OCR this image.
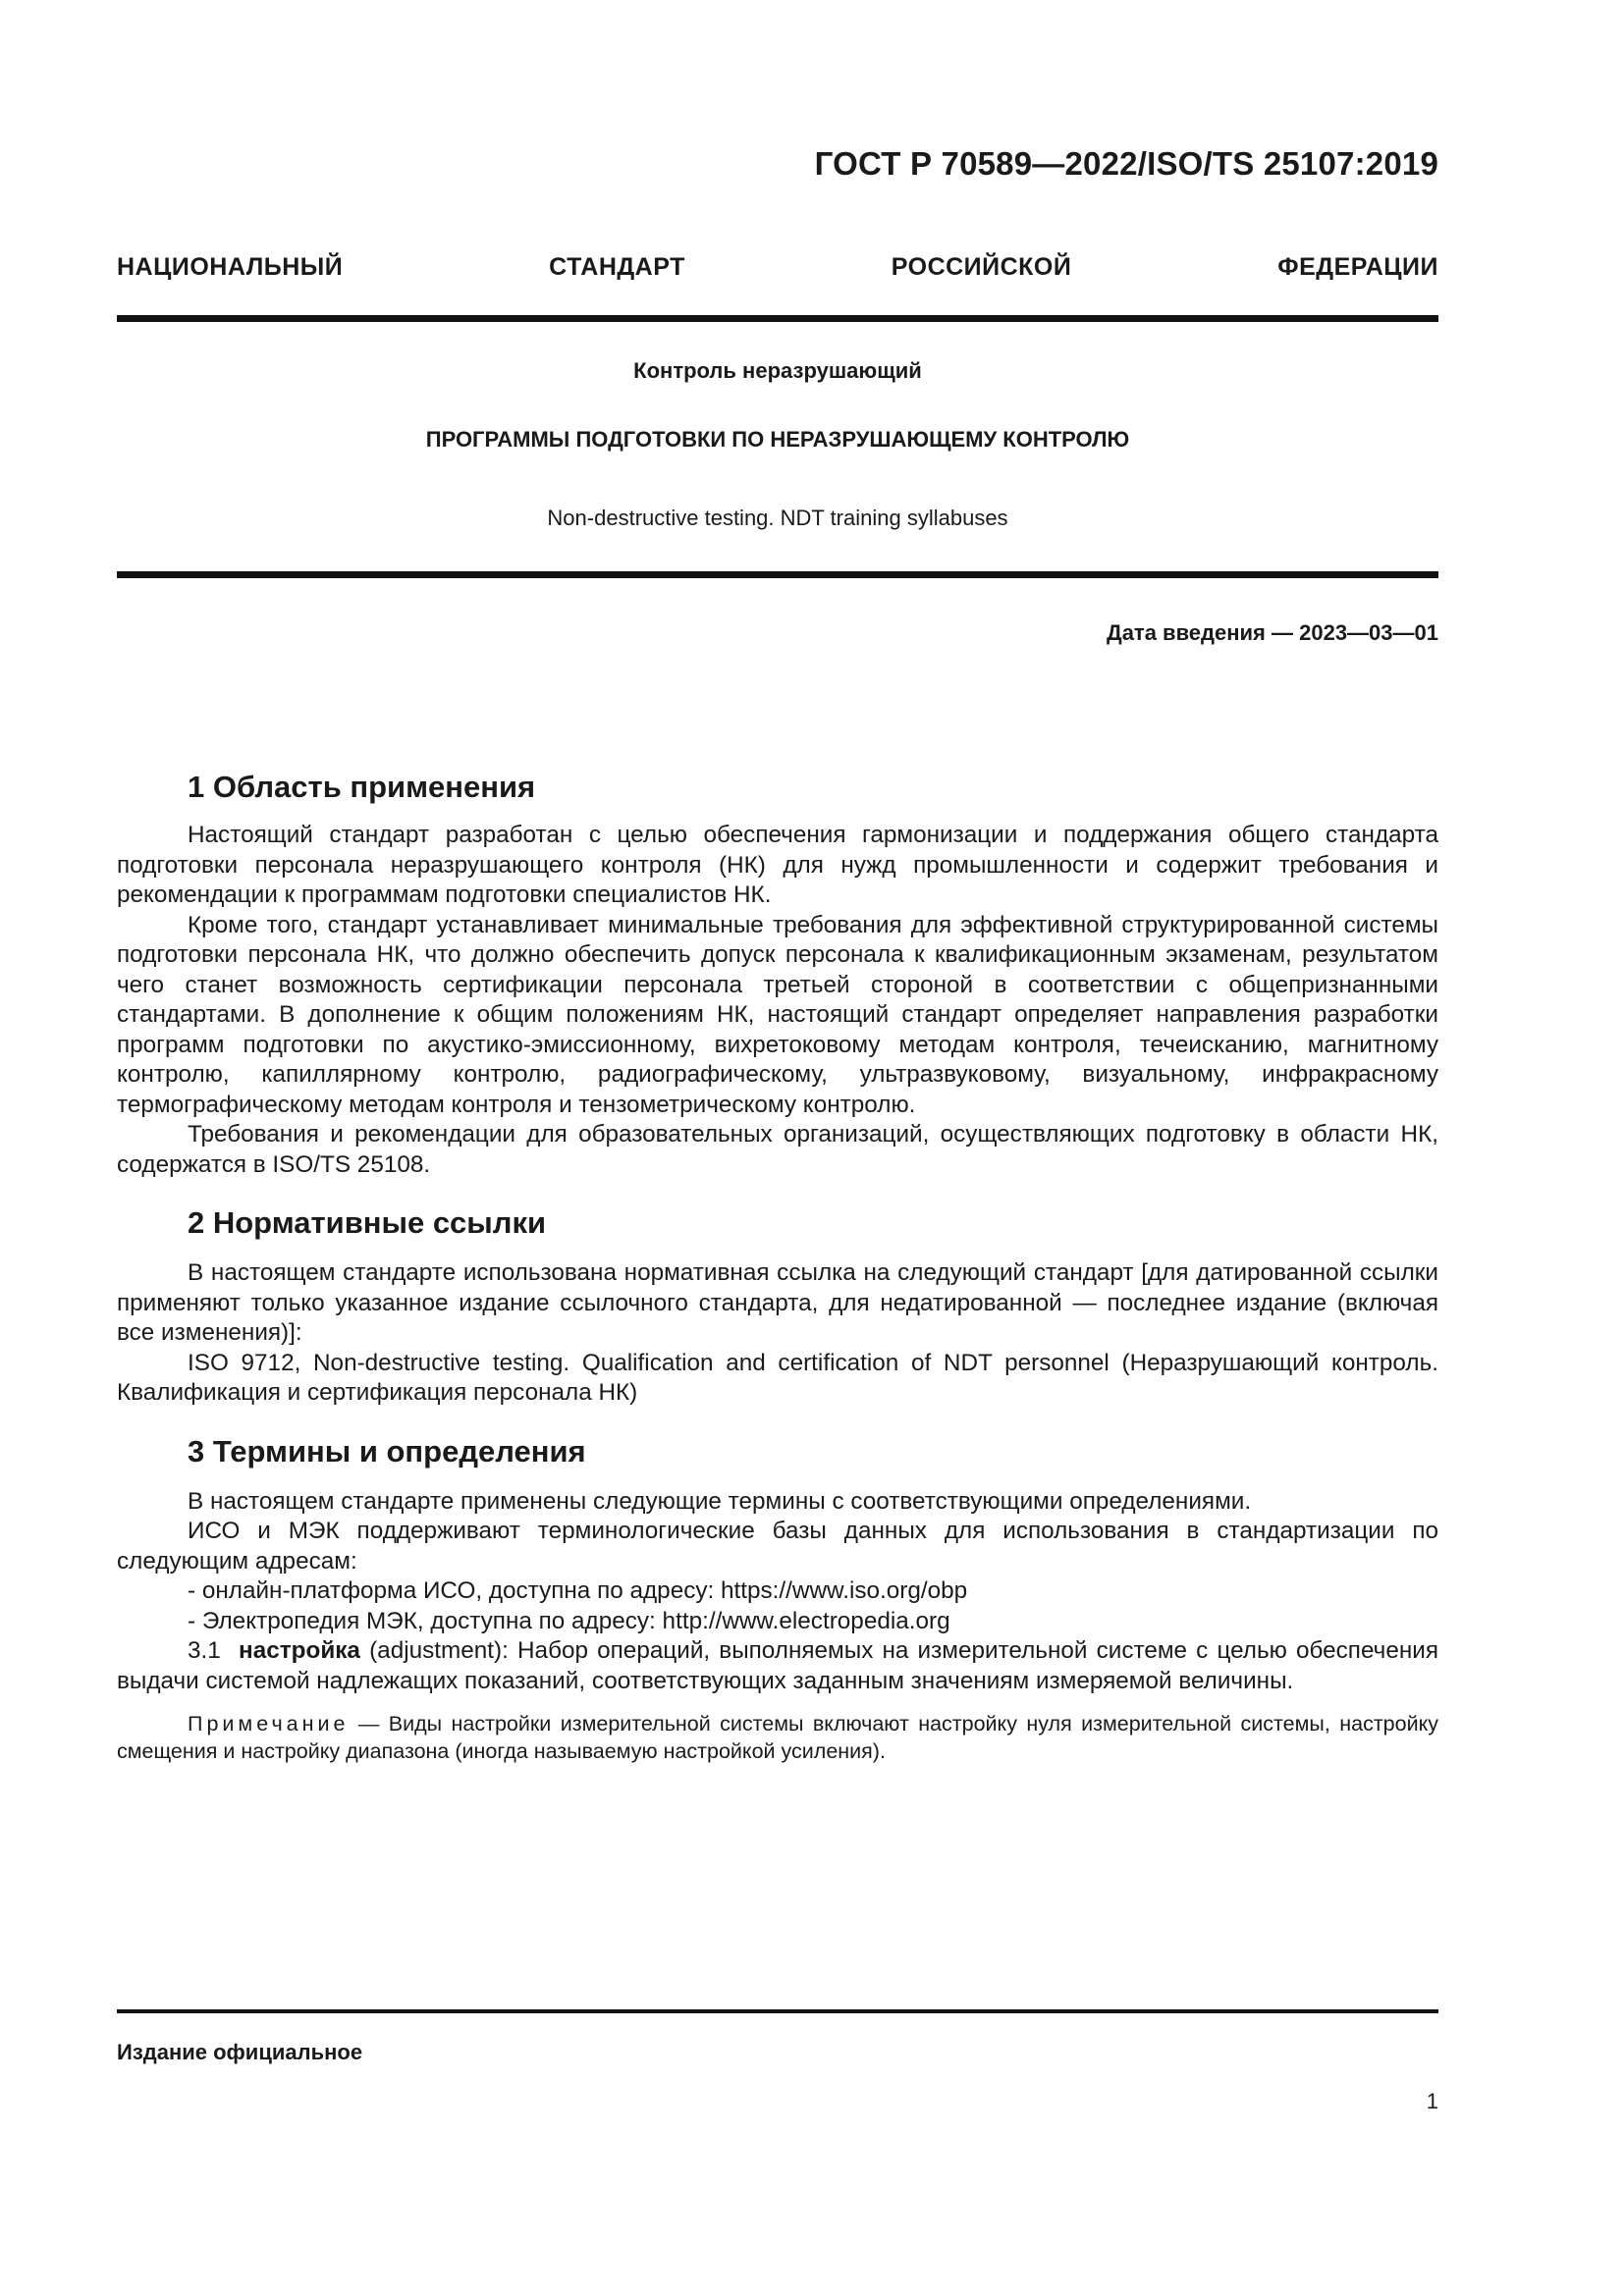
ГОСТ Р 70589—2022/ISO/TS 25107:2019
НАЦИОНАЛЬНЫЙ СТАНДАРТ РОССИЙСКОЙ ФЕДЕРАЦИИ
Контроль неразрушающий
ПРОГРАММЫ ПОДГОТОВКИ ПО НЕРАЗРУШАЮЩЕМУ КОНТРОЛЮ
Non-destructive testing. NDT training syllabuses
Дата введения — 2023—03—01
1 Область применения

Настоящий стандарт разработан с целью обеспечения гармонизации и поддержания общего стандарта подготовки персонала неразрушающего контроля (НК) для нужд промышленности и содержит требования и рекомендации к программам подготовки специалистов НК.

Кроме того, стандарт устанавливает минимальные требования для эффективной структурированной системы подготовки персонала НК, что должно обеспечить допуск персонала к квалификационным экзаменам, результатом чего станет возможность сертификации персонала третьей стороной в соответствии с общепризнанными стандартами. В дополнение к общим положениям НК, настоящий стандарт определяет направления разработки программ подготовки по акустико-эмиссионному, вихретоковому методам контроля, течеисканию, магнитному контролю, капиллярному контролю, радиографическому, ультразвуковому, визуальному, инфракрасному термографическому методам контроля и тензометрическому контролю.

Требования и рекомендации для образовательных организаций, осуществляющих подготовку в области НК, содержатся в ISO/TS 25108.

2 Нормативные ссылки

В настоящем стандарте использована нормативная ссылка на следующий стандарт [для датированной ссылки применяют только указанное издание ссылочного стандарта, для недатированной — последнее издание (включая все изменения)]:

ISO 9712, Non-destructive testing. Qualification and certification of NDT personnel (Неразрушающий контроль. Квалификация и сертификация персонала НК)

3 Термины и определения

В настоящем стандарте применены следующие термины с соответствующими определениями.

ИСО и МЭК поддерживают терминологические базы данных для использования в стандартизации по следующим адресам:

- онлайн-платформа ИСО, доступна по адресу: https://www.iso.org/obp

- Электропедия МЭК, доступна по адресу: http://www.electropedia.org

3.1 настройка (adjustment): Набор операций, выполняемых на измерительной системе с целью обеспечения выдачи системой надлежащих показаний, соответствующих заданным значениям измеряемой величины.

Примечание — Виды настройки измерительной системы включают настройку нуля измерительной системы, настройку смещения и настройку диапазона (иногда называемую настройкой усиления).

Издание официальное
1
